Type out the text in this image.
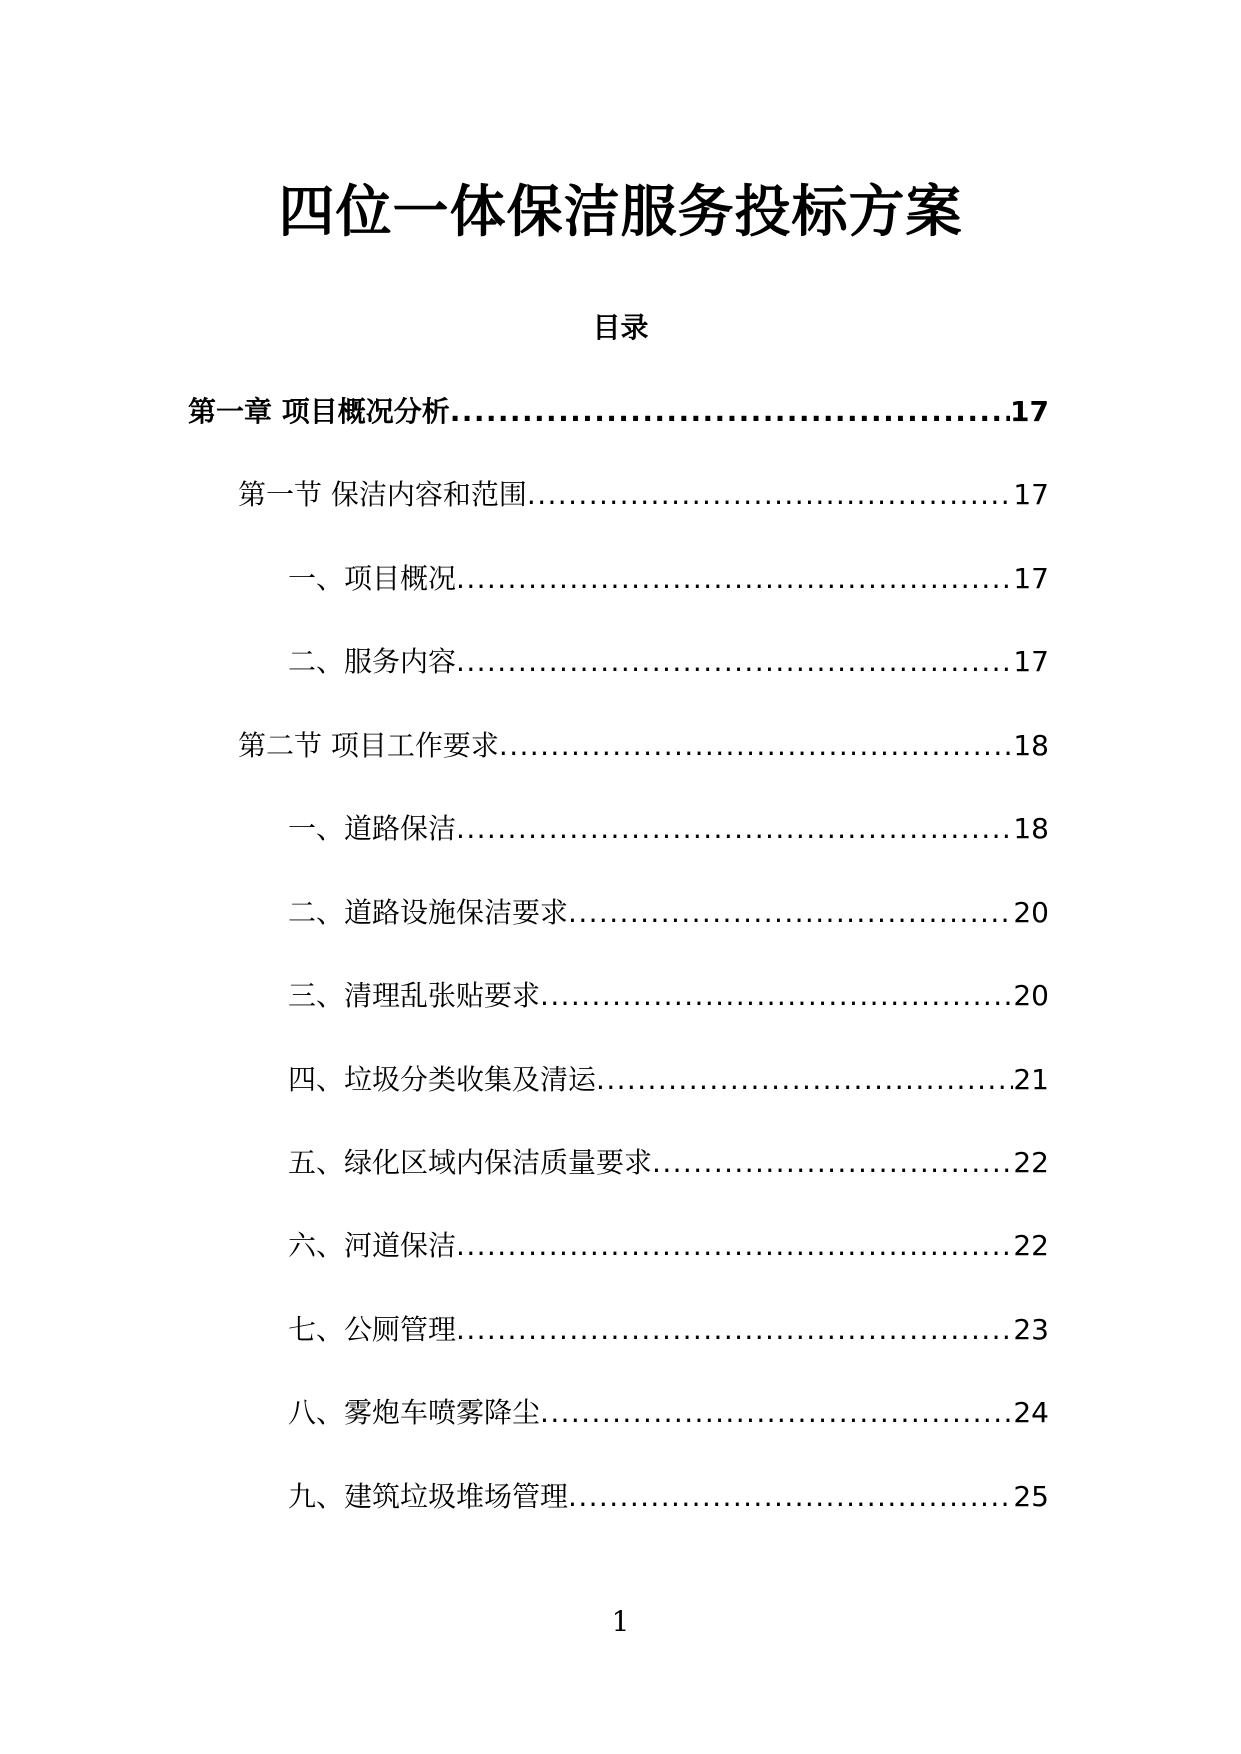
四位一体保洁服务投标方案
目录
第一章 项目概况分析 .....	17
第一节 保洁内容和范围 .....	17
一、项目概况 .....	17
二、服务内容 .....	17
第二节 项目工作要求 .....	18
一、道路保洁 .....	18
二、道路设施保洁要求 .....	20
三、清理乱张贴要求 .....	20
四、垃圾分类收集及清运 .....	21
五、绿化区域内保洁质量要求 .....	22
六、河道保洁 .....	22
七、公厕管理 .....	23
八、雾炮车喷雾降尘 .....	24
九、建筑垃圾堆场管理 .....	25
1
